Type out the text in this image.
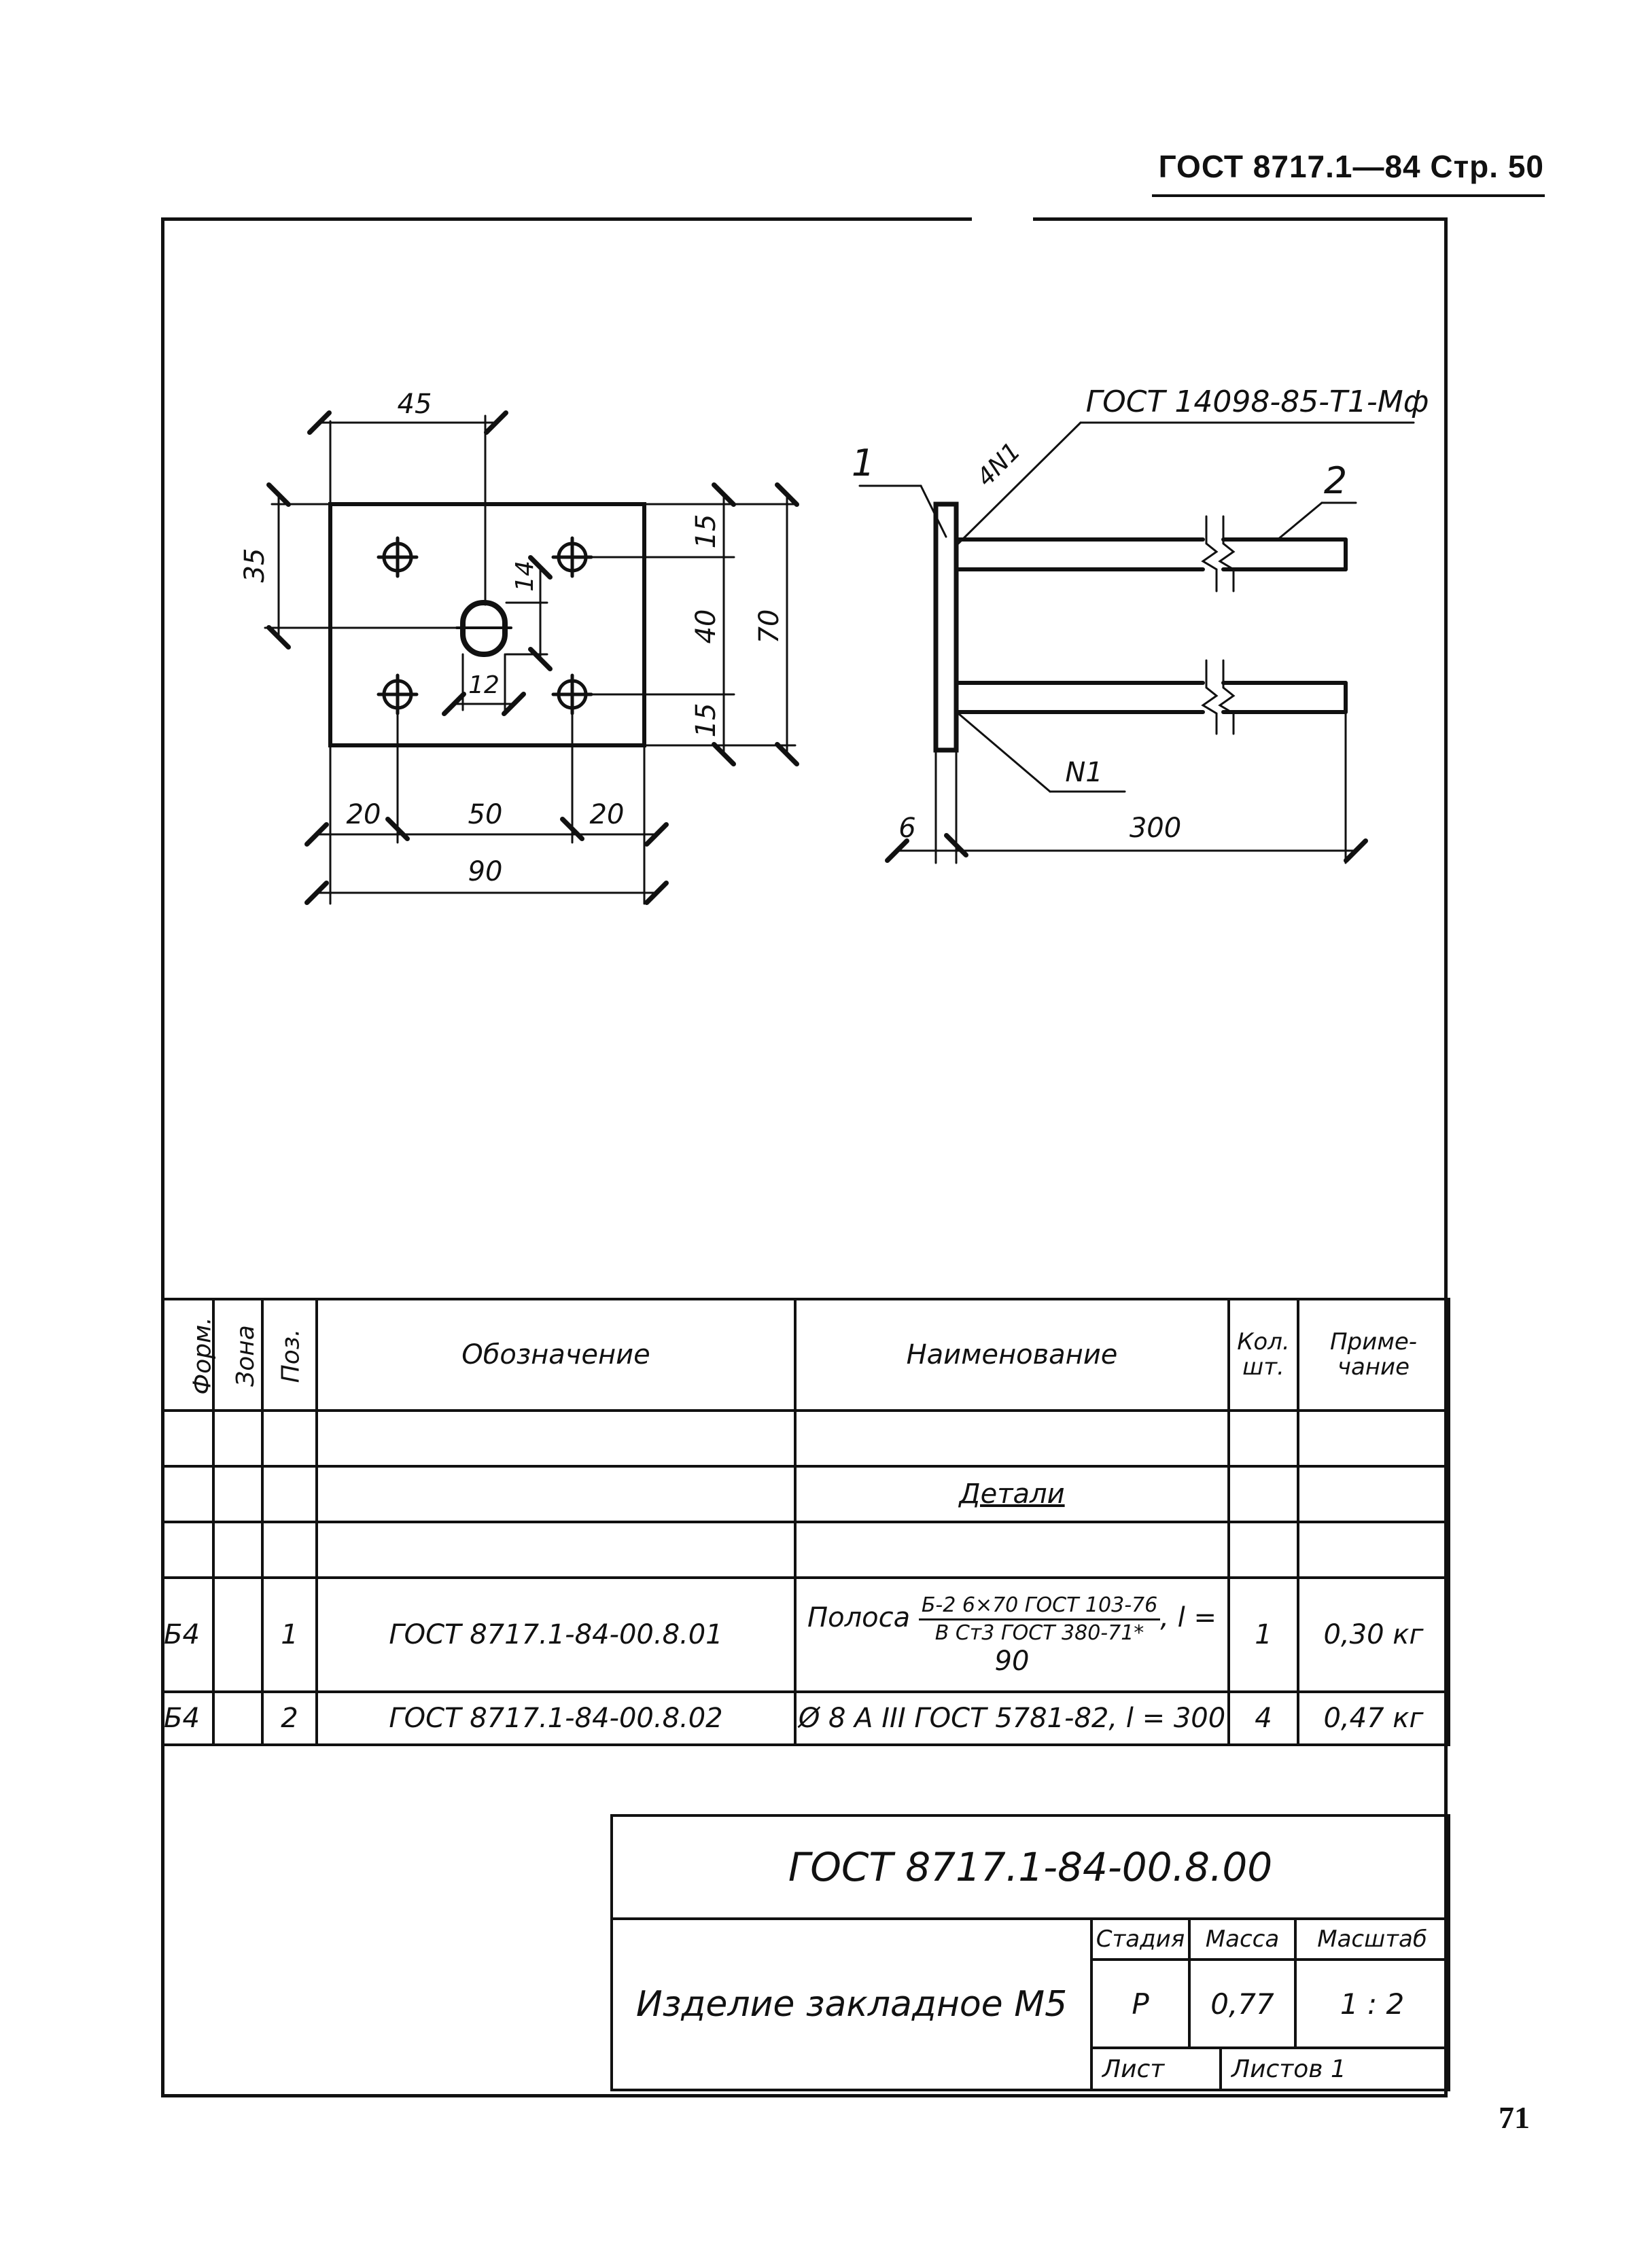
ГОСТ 8717.1—84 Стр. 50
45
35
15
40
15
70
14
12
20	50	20
90
ГОСТ 14098-85-Т1-Мф
4N1
1	2
N1
6	300
Форм.	Зона	Поз.	Обозначение	Наименование	Кол. шт.	Приме- чание

				Детали		

Б4		1	ГОСТ 8717.1-84-00.8.01	Полоса $\frac{\text{Б-2 6×70 ГОСТ 103-76}}{\text{В Ст3 ГОСТ 380-71*}}$ , l = 90	1	0,30 кг
Б4		2	ГОСТ 8717.1-84-00.8.02	Ø 8 А III ГОСТ 5781-82, l = 300	4	0,47 кг
ГОСТ 8717.1-84-00.8.00				
Изделие закладное М5	Стадия	Масса		Масштаб
	Р	0,77		1 : 2
	Лист		Листов 1	
71
